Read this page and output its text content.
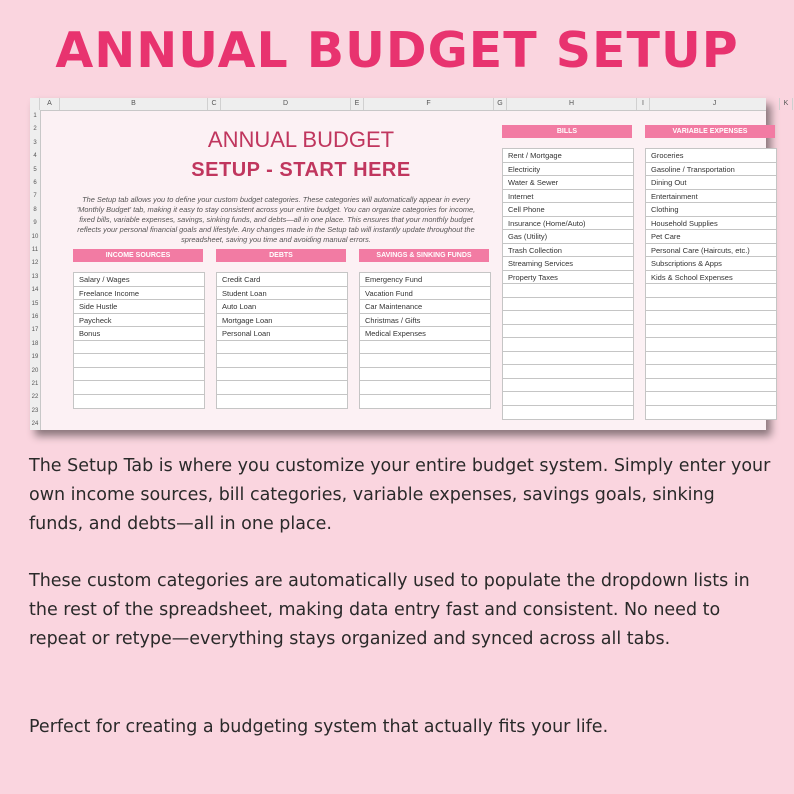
ANNUAL BUDGET SETUP
A	B	C	D	E	F	G	H	I	J	K
1
2
3
4
5
6
7
8
9
10
11
12
13
14
15
16
17
18
19
20
21
22
23
24
ANNUAL BUDGET
SETUP - START HERE
The Setup tab allows you to define your custom budget categories. These categories will automatically appear in every 'Monthly Budget' tab, making it easy to stay consistent across your entire budget. You can organize categories for income, fixed bills, variable expenses, savings, sinking funds, and debts—all in one place. This ensures that your monthly budget reflects your personal financial goals and lifestyle. Any changes made in the Setup tab will instantly update throughout the spreadsheet, saving you time and avoiding manual errors.
INCOME SOURCES
Salary / Wages
Freelance Income
Side Hustle
Paycheck
Bonus
DEBTS
Credit Card
Student Loan
Auto Loan
Mortgage Loan
Personal Loan
SAVINGS & SINKING FUNDS
Emergency Fund
Vacation Fund
Car Maintenance
Christmas / Gifts
Medical Expenses
BILLS
Rent / Mortgage
Electricity
Water & Sewer
Internet
Cell Phone
Insurance (Home/Auto)
Gas (Utility)
Trash Collection
Streaming Services
Property Taxes
VARIABLE EXPENSES
Groceries
Gasoline / Transportation
Dining Out
Entertainment
Clothing
Household Supplies
Pet Care
Personal Care (Haircuts, etc.)
Subscriptions & Apps
Kids & School Expenses
The Setup Tab is where you customize your entire budget system. Simply enter your own income sources, bill categories, variable expenses, savings goals, sinking funds, and debts—all in one place.
These custom categories are automatically used to populate the dropdown lists in the rest of the spreadsheet, making data entry fast and consistent. No need to repeat or retype—everything stays organized and synced across all tabs.
Perfect for creating a budgeting system that actually fits your life.
